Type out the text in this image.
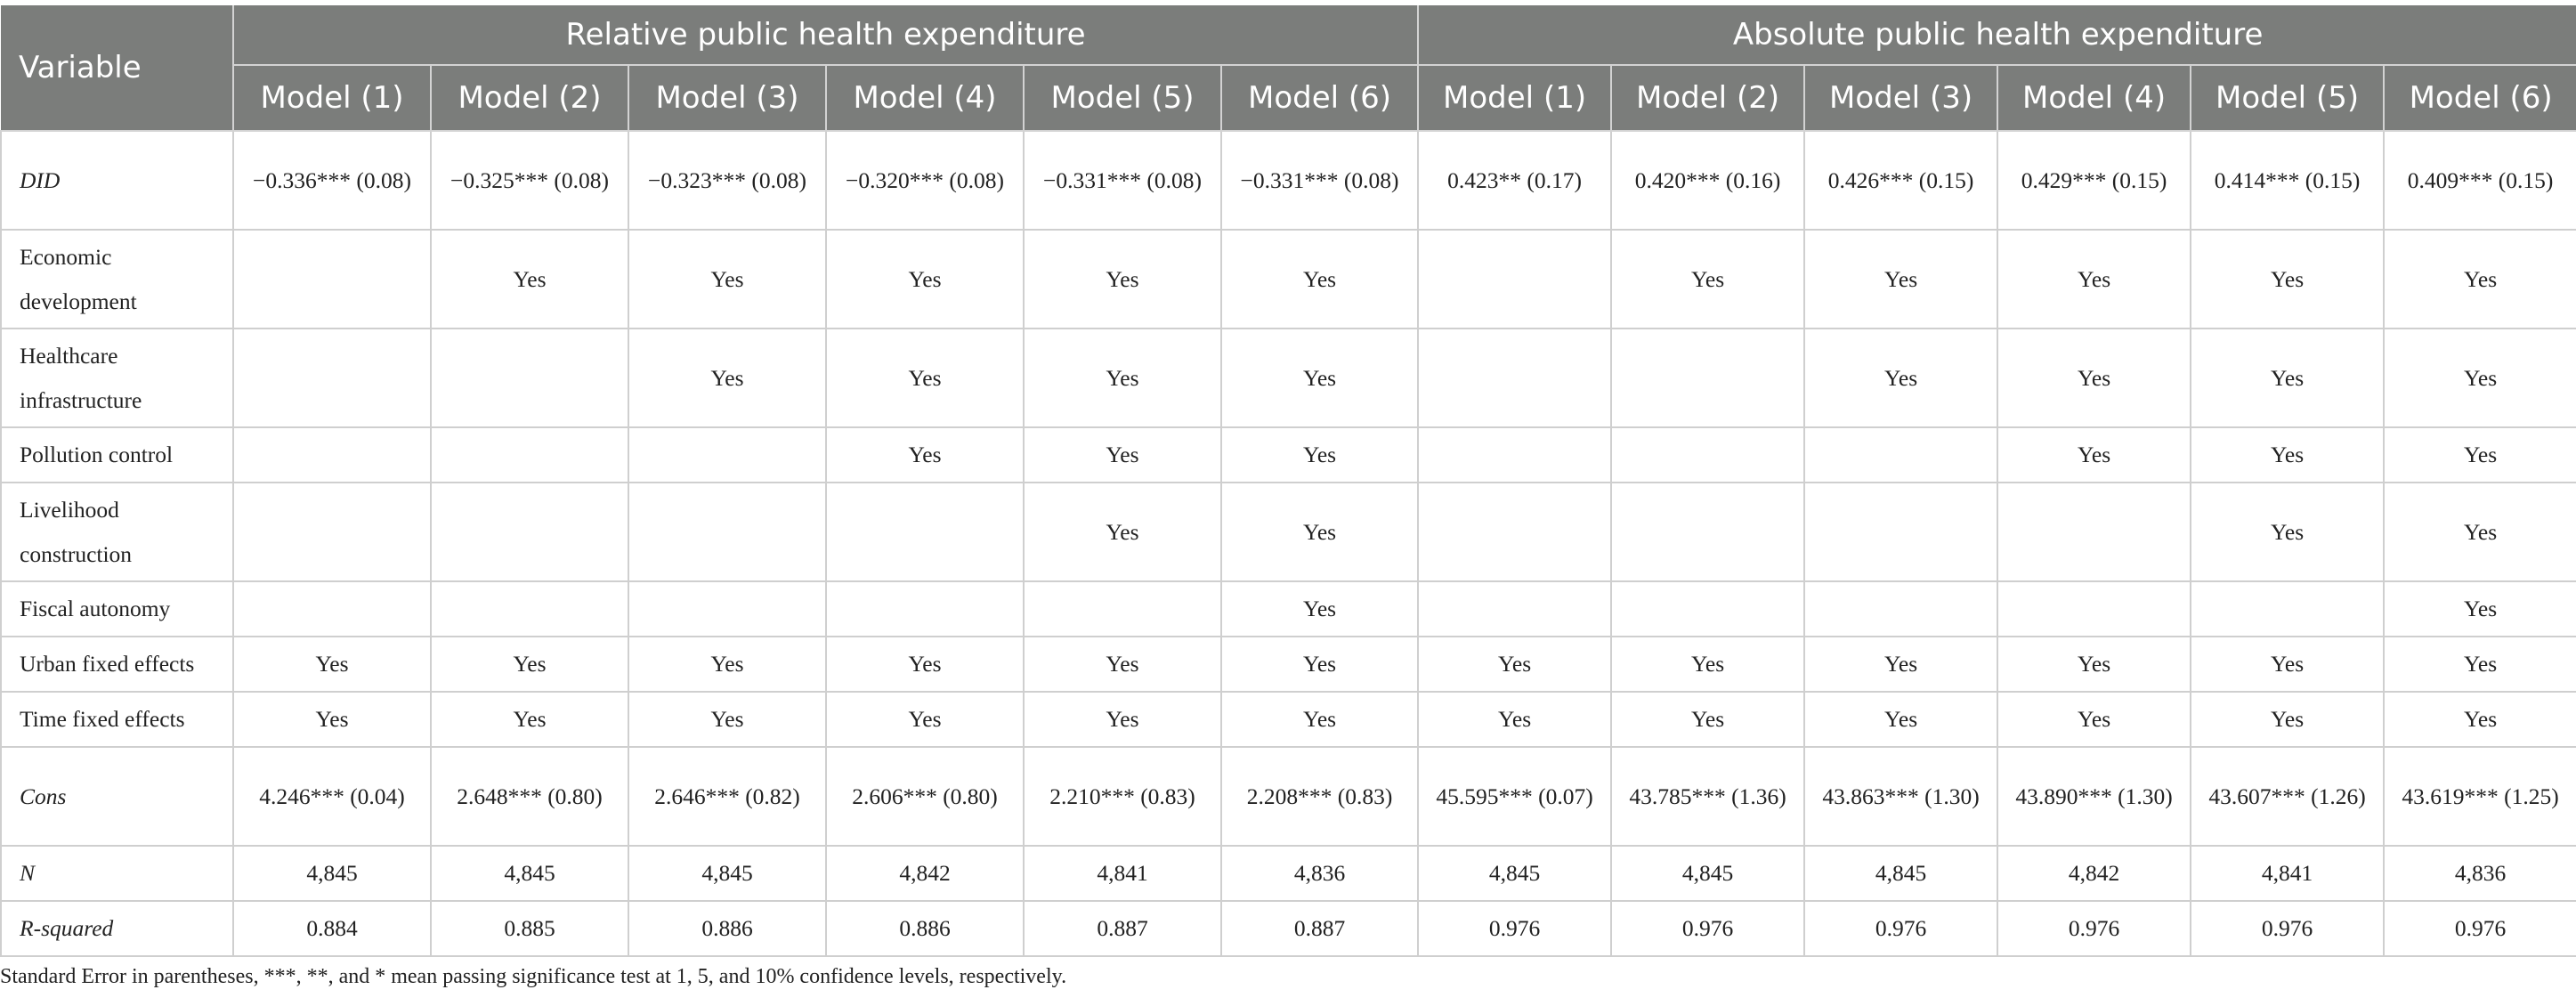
Variable	Relative public health expenditure						Absolute public health expenditure					
	Model (1)	Model (2)	Model (3)	Model (4)	Model (5)	Model (6)	Model (1)	Model (2)	Model (3)	Model (4)	Model (5)	Model (6)
DID	−0.336*** (0.08)	−0.325*** (0.08)	−0.323*** (0.08)	−0.320*** (0.08)	−0.331*** (0.08)	−0.331*** (0.08)	0.423** (0.17)	0.420*** (0.16)	0.426*** (0.15)	0.429*** (0.15)	0.414*** (0.15)	0.409*** (0.15)
Economic development		Yes	Yes	Yes	Yes	Yes		Yes	Yes	Yes	Yes	Yes
Healthcare infrastructure			Yes	Yes	Yes	Yes			Yes	Yes	Yes	Yes
Pollution control				Yes	Yes	Yes				Yes	Yes	Yes
Livelihood construction					Yes	Yes					Yes	Yes
Fiscal autonomy						Yes						Yes
Urban fixed effects	Yes	Yes	Yes	Yes	Yes	Yes	Yes	Yes	Yes	Yes	Yes	Yes
Time fixed effects	Yes	Yes	Yes	Yes	Yes	Yes	Yes	Yes	Yes	Yes	Yes	Yes
Cons	4.246*** (0.04)	2.648*** (0.80)	2.646*** (0.82)	2.606*** (0.80)	2.210*** (0.83)	2.208*** (0.83)	45.595*** (0.07)	43.785*** (1.36)	43.863*** (1.30)	43.890*** (1.30)	43.607*** (1.26)	43.619*** (1.25)
N	4,845	4,845	4,845	4,842	4,841	4,836	4,845	4,845	4,845	4,842	4,841	4,836
R-squared	0.884	0.885	0.886	0.886	0.887	0.887	0.976	0.976	0.976	0.976	0.976	0.976
Standard Error in parentheses, ***, **, and * mean passing significance test at 1, 5, and 10% confidence levels, respectively.
